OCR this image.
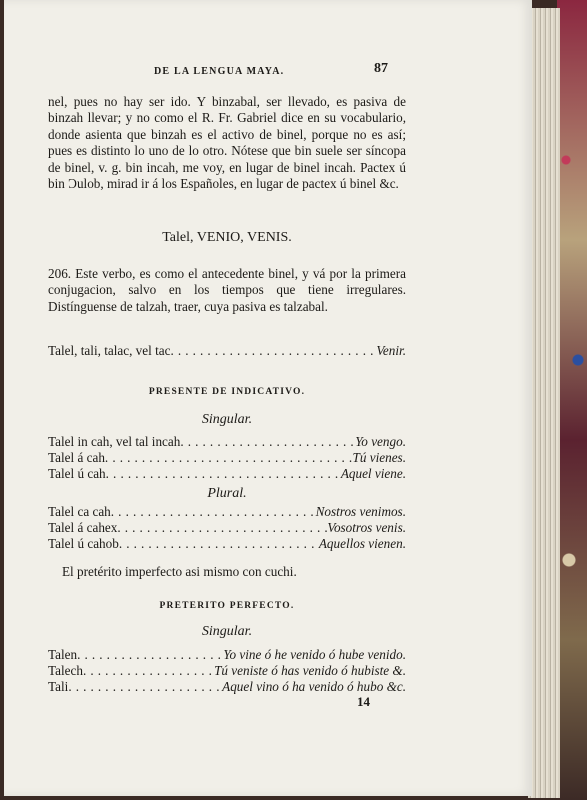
DE LA LENGUA MAYA.	87

nel, pues no hay ser ido. Y binzabal, ser llevado, es pasiva de binzah llevar; y no como el R. Fr. Gabriel dice en su vocabulario, donde asienta que binzah es el activo de binel, porque no es así; pues es distinto lo uno de lo otro. Nótese que bin suele ser síncopa de binel, v. g. bin incah, me voy, en lugar de binel incah. Pactex ú bin Ɔulob, mirad ir á los Españoles, en lugar de pactex ú binel &c.

Talel, VENIO, VENIS.

206. Este verbo, es como el antecedente binel, y vá por la primera conjugacion, salvo en los tiempos que tiene irregulares. Distínguense de talzah, traer, cuya pasiva es talzabal.

Talel, tali, talac, vel tac . . .	Venir.
PRESENTE DE INDICATIVO.
Singular.
Talel in cah, vel tal incah . . .	Yo vengo.
Talel á cah . . .	Tú vienes.
Talel ú cah . . .	Aquel viene.
Plural.
Talel ca cah . . .	Nostros venimos.
Talel á cahex . . .	Vosotros venis.
Talel ú cahob . . .	Aquellos vienen.

El pretérito imperfecto asi mismo con cuchi.

PRETERITO PERFECTO.
Singular.
Talen . . .	Yo vine ó he venido ó hube venido.
Talech . . .	Tú veniste ó has venido ó hubiste &.
Tali . . .	Aquel vino ó ha venido ó hubo &c.
14
